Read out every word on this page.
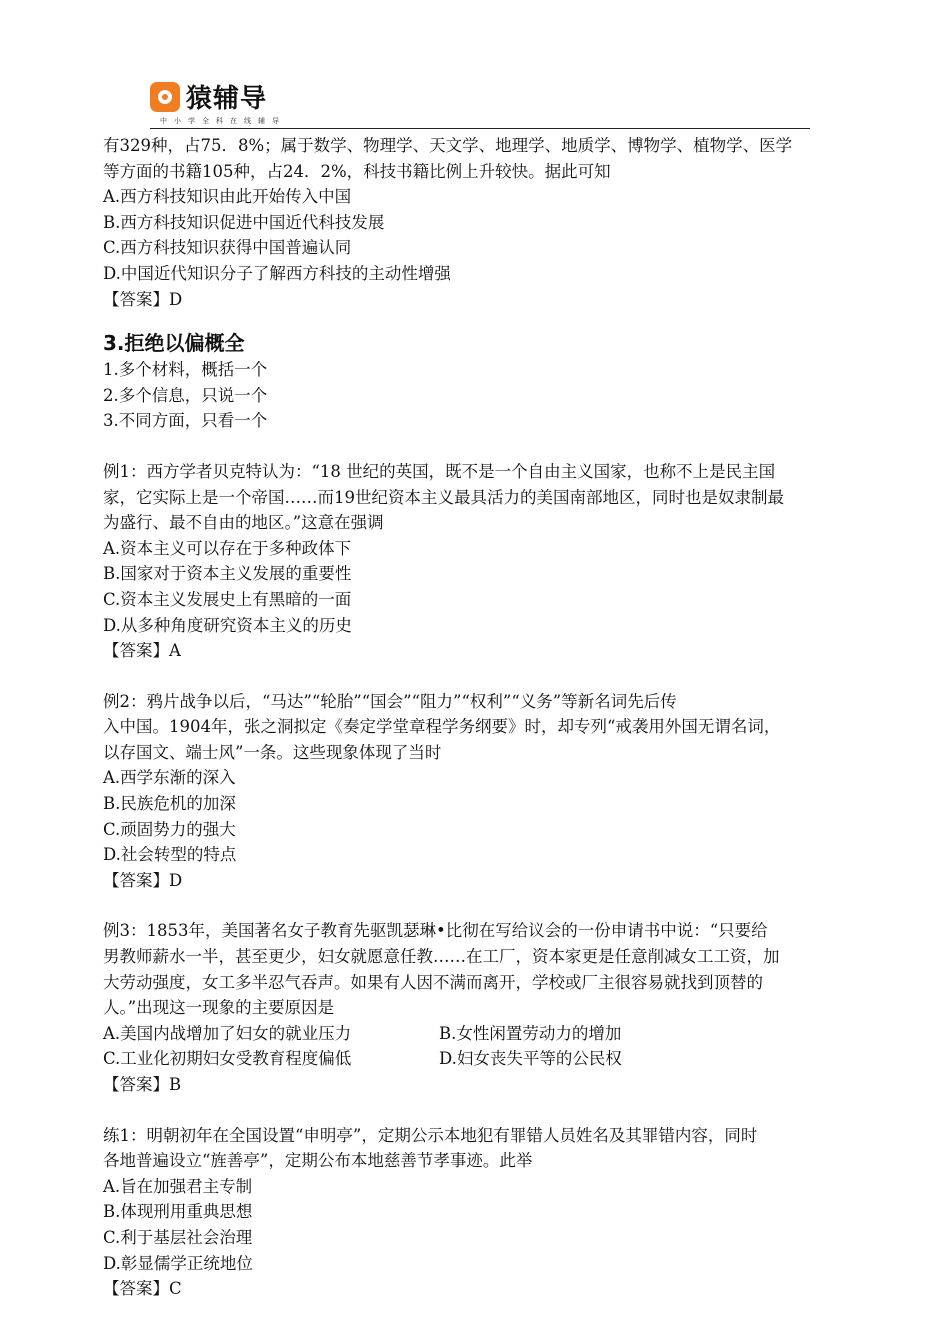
猿辅导
中小学全科在线辅导

有329种，占75．8%；属于数学、物理学、天文学、地理学、地质学、博物学、植物学、医学

等方面的书籍105种，占24．2%，科技书籍比例上升较快。据此可知

A.西方科技知识由此开始传入中国

B.西方科技知识促进中国近代科技发展

C.西方科技知识获得中国普遍认同

D.中国近代知识分子了解西方科技的主动性增强

【答案】D

3.拒绝以偏概全

1.多个材料，概括一个

2.多个信息，只说一个

3.不同方面，只看一个

例1：西方学者贝克特认为：“18 世纪的英国，既不是一个自由主义国家，也称不上是民主国

家，它实际上是一个帝国……而19世纪资本主义最具活力的美国南部地区，同时也是奴隶制最

为盛行、最不自由的地区。”这意在强调

A.资本主义可以存在于多种政体下

B.国家对于资本主义发展的重要性

C.资本主义发展史上有黑暗的一面

D.从多种角度研究资本主义的历史

【答案】A

例2：鸦片战争以后，“马达”“轮胎”“国会”“阻力”“权利”“义务”等新名词先后传

入中国。1904年，张之洞拟定《奏定学堂章程学务纲要》时，却专列“戒袭用外国无谓名词，

以存国文、端士风”一条。这些现象体现了当时

A.西学东渐的深入

B.民族危机的加深

C.顽固势力的强大

D.社会转型的特点

【答案】D

例3：1853年，美国著名女子教育先驱凯瑟琳•比彻在写给议会的一份申请书中说：“只要给

男教师薪水一半，甚至更少，妇女就愿意任教……在工厂，资本家更是任意削减女工工资，加

大劳动强度，女工多半忍气吞声。如果有人因不满而离开，学校或厂主很容易就找到顶替的

人。”出现这一现象的主要原因是

A.美国内战增加了妇女的就业压力	B.女性闲置劳动力的增加

C.工业化初期妇女受教育程度偏低	D.妇女丧失平等的公民权

【答案】B

练1：明朝初年在全国设置“申明亭”，定期公示本地犯有罪错人员姓名及其罪错内容，同时

各地普遍设立“旌善亭”，定期公布本地慈善节孝事迹。此举

A.旨在加强君主专制

B.体现刑用重典思想

C.利于基层社会治理

D.彰显儒学正统地位

【答案】C
